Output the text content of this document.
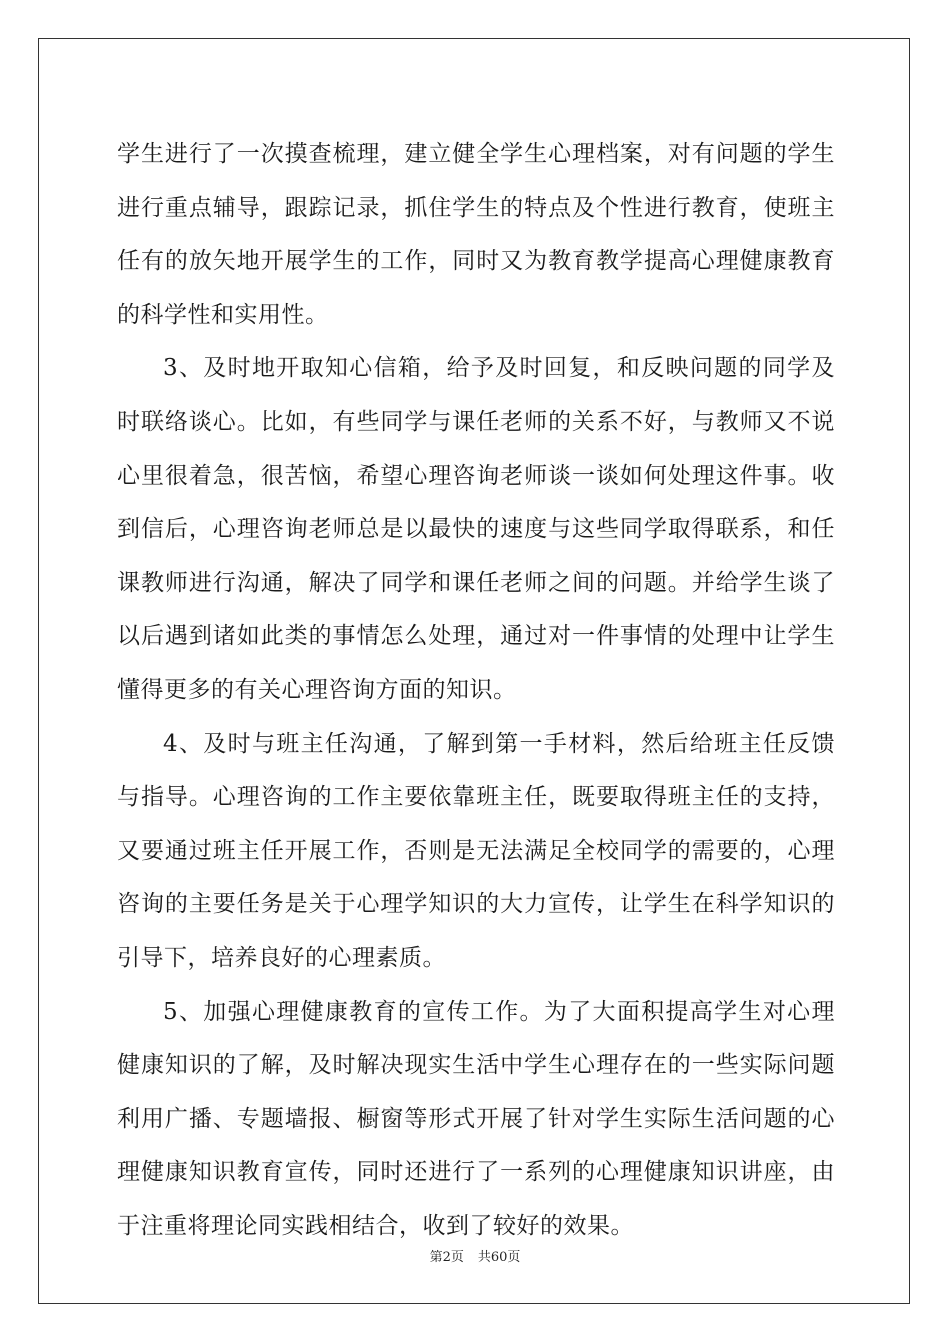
学生进行了一次摸查梳理，建立健全学生心理档案，对有问题的学生
进行重点辅导，跟踪记录，抓住学生的特点及个性进行教育，使班主
任有的放矢地开展学生的工作，同时又为教育教学提高心理健康教育
的科学性和实用性。
3、及时地开取知心信箱，给予及时回复，和反映问题的同学及
时联络谈心。比如，有些同学与课任老师的关系不好，与教师又不说
心里很着急，很苦恼，希望心理咨询老师谈一谈如何处理这件事。收
到信后，心理咨询老师总是以最快的速度与这些同学取得联系，和任
课教师进行沟通，解决了同学和课任老师之间的问题。并给学生谈了
以后遇到诸如此类的事情怎么处理，通过对一件事情的处理中让学生
懂得更多的有关心理咨询方面的知识。
4、及时与班主任沟通，了解到第一手材料，然后给班主任反馈
与指导。心理咨询的工作主要依靠班主任，既要取得班主任的支持，
又要通过班主任开展工作，否则是无法满足全校同学的需要的，心理
咨询的主要任务是关于心理学知识的大力宣传，让学生在科学知识的
引导下，培养良好的心理素质。
5、加强心理健康教育的宣传工作。为了大面积提高学生对心理
健康知识的了解，及时解决现实生活中学生心理存在的一些实际问题
利用广播、专题墙报、橱窗等形式开展了针对学生实际生活问题的心
理健康知识教育宣传，同时还进行了一系列的心理健康知识讲座，由
于注重将理论同实践相结合，收到了较好的效果。
第2页 共60页
